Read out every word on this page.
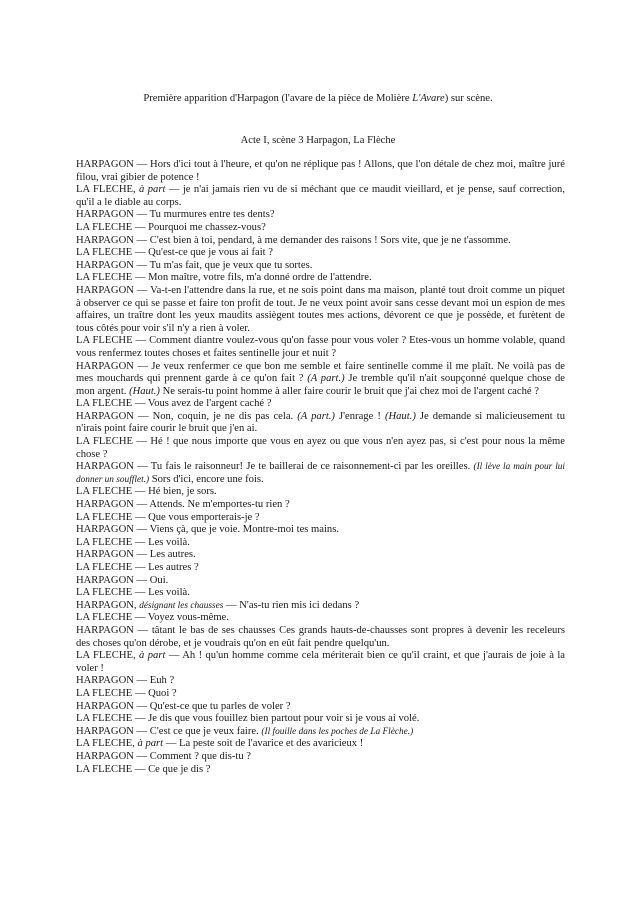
Première apparition d'Harpagon (l'avare de la pièce de Molière L'Avare) sur scène.
Acte I, scène 3 Harpagon, La Flèche

HARPAGON — Hors d'ici tout à l'heure, et qu'on ne réplique pas ! Allons, que l'on détale de chez moi, maître juré filou, vrai gibier de potence !

LA FLECHE, à part — je n'ai jamais rien vu de si méchant que ce maudit vieillard, et je pense, sauf correction, qu'il a le diable au corps.

HARPAGON — Tu murmures entre tes dents?

LA FLECHE — Pourquoi me chassez-vous?

HARPAGON — C'est bien à toi, pendard, à me demander des raisons ! Sors vite, que je ne t'assomme.

LA FLECHE — Qu'est-ce que je vous ai fait ?

HARPAGON — Tu m'as fait, que je veux que tu sortes.

LA FLECHE — Mon maître, votre fils, m'a donné ordre de l'attendre.

HARPAGON — Va-t-en l'attendre dans la rue, et ne sois point dans ma maison, planté tout droit comme un piquet à observer ce qui se passe et faire ton profit de tout. Je ne veux point avoir sans cesse devant moi un espion de mes affaires, un traître dont les yeux maudits assiègent toutes mes actions, dévorent ce que je possède, et furètent de tous côtés pour voir s'il n'y a rien à voler.

LA FLECHE — Comment diantre voulez-vous qu'on fasse pour vous voler ? Etes-vous un homme volable, quand vous renfermez toutes choses et faites sentinelle jour et nuit ?

HARPAGON — Je veux renfermer ce que bon me semble et faire sentinelle comme il me plaît. Ne voilà pas de mes mouchards qui prennent garde à ce qu'on fait ? (A part.) Je tremble qu'il n'ait soupçonné quelque chose de mon argent. (Haut.) Ne serais-tu point homme à aller faire courir le bruit que j'ai chez moi de l'argent caché ?

LA FLECHE — Vous avez de l'argent caché ?

HARPAGON — Non, coquin, je ne dis pas cela. (A part.) J'enrage ! (Haut.) Je demande si malicieusement tu n'irais point faire courir le bruit que j'en ai.

LA FLECHE — Hé ! que nous importe que vous en ayez ou que vous n'en ayez pas, si c'est pour nous la même chose ?

HARPAGON — Tu fais le raisonneur! Je te baillerai de ce raisonnement-ci par les oreilles. (Il lève la main pour lui donner un soufflet.) Sors d'ici, encore une fois.

LA FLECHE — Hé bien, je sors.

HARPAGON — Attends. Ne m'emportes-tu rien ?

LA FLECHE — Que vous emporterais-je ?

HARPAGON — Viens çà, que je voie. Montre-moi tes mains.

LA FLECHE — Les voilà.

HARPAGON — Les autres.

LA FLECHE — Les autres ?

HARPAGON — Oui.

LA FLECHE — Les voilà.

HARPAGON, désignant les chausses — N'as-tu rien mis ici dedans ?

LA FLECHE — Voyez vous-même.

HARPAGON — tâtant le bas de ses chausses Ces grands hauts-de-chausses sont propres à devenir les receleurs des choses qu'on dérobe, et je voudrais qu'on en eût fait pendre quelqu'un.

LA FLECHE, à part — Ah ! qu'un homme comme cela mériterait bien ce qu'il craint, et que j'aurais de joie à la voler !

HARPAGON — Euh ?

LA FLECHE — Quoi ?

HARPAGON — Qu'est-ce que tu parles de voler ?

LA FLECHE — Je dis que vous fouillez bien partout pour voir si je vous ai volé.

HARPAGON — C'est ce que je veux faire. (Il fouille dans les poches de La Flèche.)

LA FLECHE, à part — La peste soit de l'avarice et des avaricieux !

HARPAGON — Comment ? que dis-tu ?

LA FLECHE — Ce que je dis ?
